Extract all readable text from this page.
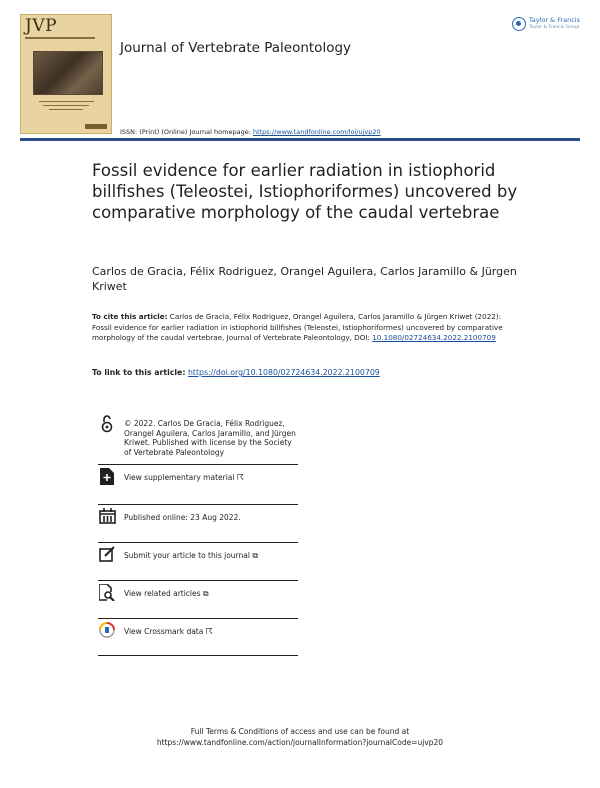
JVP
Journal of Vertebrate Paleontology
Taylor & Francis
Taylor & Francis Group
ISSN: (Print) (Online) Journal homepage: https://www.tandfonline.com/loi/ujvp20
Fossil evidence for earlier radiation in istiophorid billfishes (Teleostei, Istiophoriformes) uncovered by comparative morphology of the caudal vertebrae
Carlos de Gracia, Félix Rodriguez, Orangel Aguilera, Carlos Jaramillo & Jürgen Kriwet
To cite this article: Carlos de Gracia, Félix Rodriguez, Orangel Aguilera, Carlos Jaramillo & Jürgen Kriwet (2022): Fossil evidence for earlier radiation in istiophorid billfishes (Teleostei, Istiophoriformes) uncovered by comparative morphology of the caudal vertebrae, Journal of Vertebrate Paleontology, DOI: 10.1080/02724634.2022.2100709
To link to this article: https://doi.org/10.1080/02724634.2022.2100709
© 2022. Carlos De Gracia, Félix Rodriguez, Orangel Aguilera, Carlos Jaramillo, and Jürgen Kriwet. Published with license by the Society of Vertebrate Paleontology
View supplementary material ☈
Published online: 23 Aug 2022.
Submit your article to this journal ⧉
View related articles ⧉
View Crossmark data ☈
Full Terms & Conditions of access and use can be found at
https://www.tandfonline.com/action/journalInformation?journalCode=ujvp20
